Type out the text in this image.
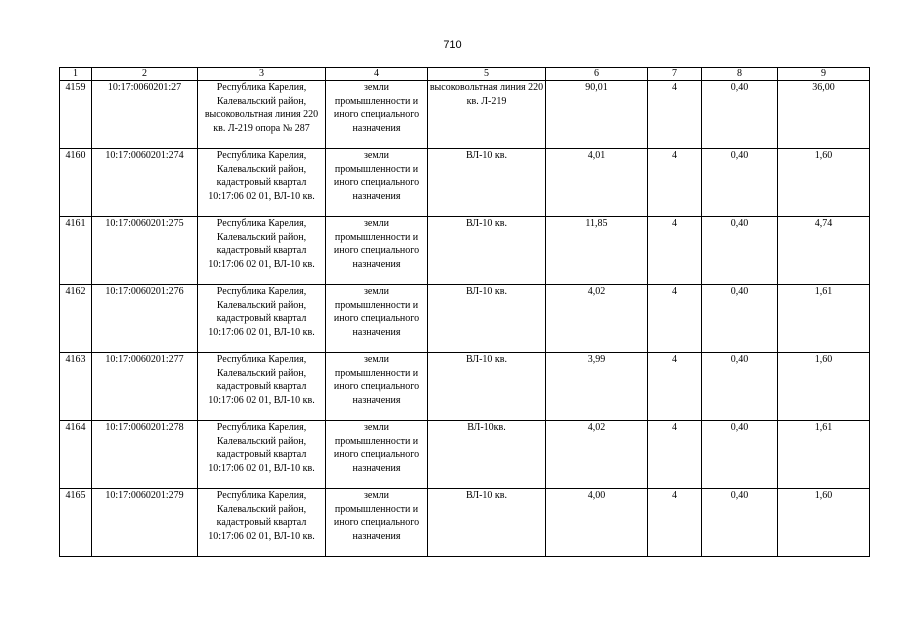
710
1	2	3	4	5	6	7	8	9
4159	10:17:0060201:27	Республика Карелия, Калевальский район, высоковольтная линия 220 кв. Л-219 опора № 287	земли промышленности и иного специального назначения	высоковольтная линия 220 кв. Л-219	90,01	4	0,40	36,00
4160	10:17:0060201:274	Республика Карелия, Калевальский район, кадастровый квартал 10:17:06 02 01, ВЛ-10 кв.	земли промышленности и иного специального назначения	ВЛ-10 кв.	4,01	4	0,40	1,60
4161	10:17:0060201:275	Республика Карелия, Калевальский район, кадастровый квартал 10:17:06 02 01, ВЛ-10 кв.	земли промышленности и иного специального назначения	ВЛ-10 кв.	11,85	4	0,40	4,74
4162	10:17:0060201:276	Республика Карелия, Калевальский район, кадастровый квартал 10:17:06 02 01, ВЛ-10 кв.	земли промышленности и иного специального назначения	ВЛ-10 кв.	4,02	4	0,40	1,61
4163	10:17:0060201:277	Республика Карелия, Калевальский район, кадастровый квартал 10:17:06 02 01, ВЛ-10 кв.	земли промышленности и иного специального назначения	ВЛ-10 кв.	3,99	4	0,40	1,60
4164	10:17:0060201:278	Республика Карелия, Калевальский район, кадастровый квартал 10:17:06 02 01, ВЛ-10 кв.	земли промышленности и иного специального назначения	ВЛ-10кв.	4,02	4	0,40	1,61
4165	10:17:0060201:279	Республика Карелия, Калевальский район, кадастровый квартал 10:17:06 02 01, ВЛ-10 кв.	земли промышленности и иного специального назначения	ВЛ-10 кв.	4,00	4	0,40	1,60
